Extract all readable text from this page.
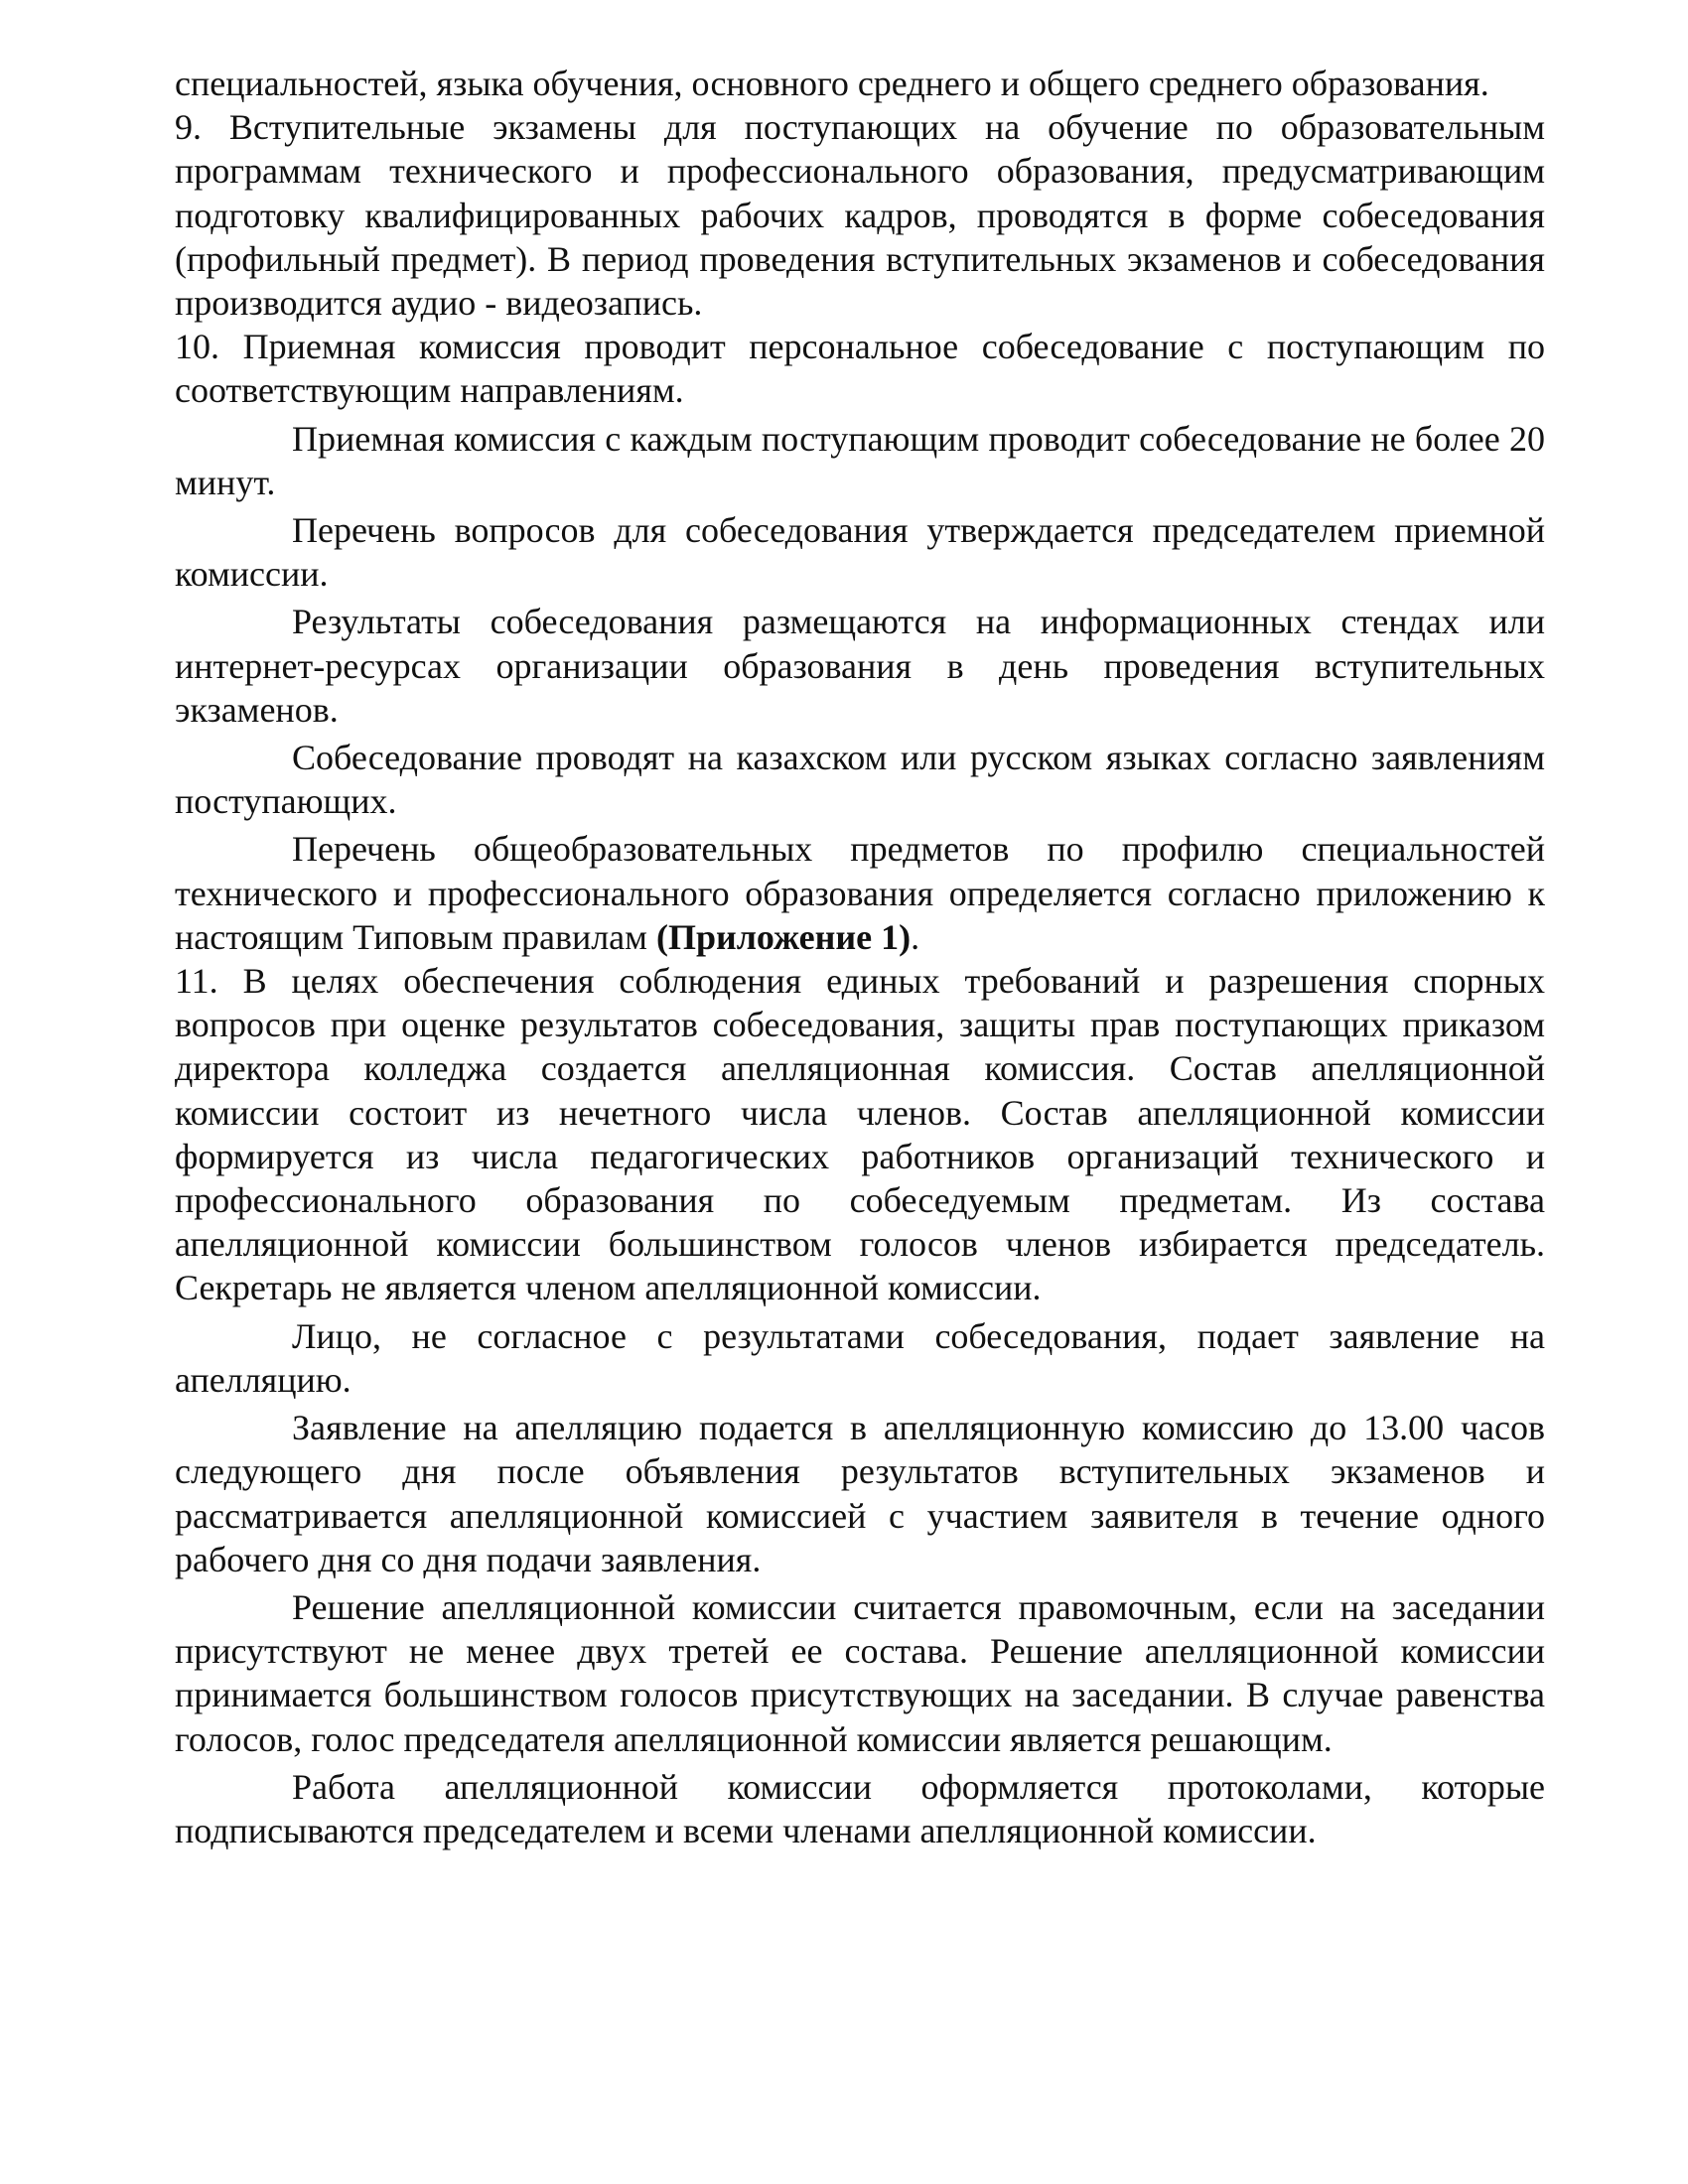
специальностей, языка обучения, основного среднего и общего среднего образования.

9. Вступительные экзамены для поступающих на обучение по образовательным программам технического и профессионального образования, предусматривающим подготовку квалифицированных рабочих кадров, проводятся в форме собеседования (профильный предмет). В период проведения вступительных экзаменов и собеседования производится аудио - видеозапись.

10. Приемная комиссия проводит персональное собеседование с поступающим по соответствующим направлениям.

Приемная комиссия с каждым поступающим проводит собеседование не более 20 минут.

Перечень вопросов для собеседования утверждается председателем приемной комиссии.

Результаты собеседования размещаются на информационных стендах или интернет-ресурсах организации образования в день проведения вступительных экзаменов.

Собеседование проводят на казахском или русском языках согласно заявлениям поступающих.

Перечень общеобразовательных предметов по профилю специальностей технического и профессионального образования определяется согласно приложению к настоящим Типовым правилам (Приложение 1).

11. В целях обеспечения соблюдения единых требований и разрешения спорных вопросов при оценке результатов собеседования, защиты прав поступающих приказом директора колледжа создается апелляционная комиссия. Состав апелляционной комиссии состоит из нечетного числа членов. Состав апелляционной комиссии формируется из числа педагогических работников организаций технического и профессионального образования по собеседуемым предметам. Из состава апелляционной комиссии большинством голосов членов избирается председатель. Секретарь не является членом апелляционной комиссии.

Лицо, не согласное с результатами собеседования, подает заявление на апелляцию.

Заявление на апелляцию подается в апелляционную комиссию до 13.00 часов следующего дня после объявления результатов вступительных экзаменов и рассматривается апелляционной комиссией с участием заявителя в течение одного рабочего дня со дня подачи заявления.

Решение апелляционной комиссии считается правомочным, если на заседании присутствуют не менее двух третей ее состава. Решение апелляционной комиссии принимается большинством голосов присутствующих на заседании. В случае равенства голосов, голос председателя апелляционной комиссии является решающим.

Работа апелляционной комиссии оформляется протоколами, которые подписываются председателем и всеми членами апелляционной комиссии.
